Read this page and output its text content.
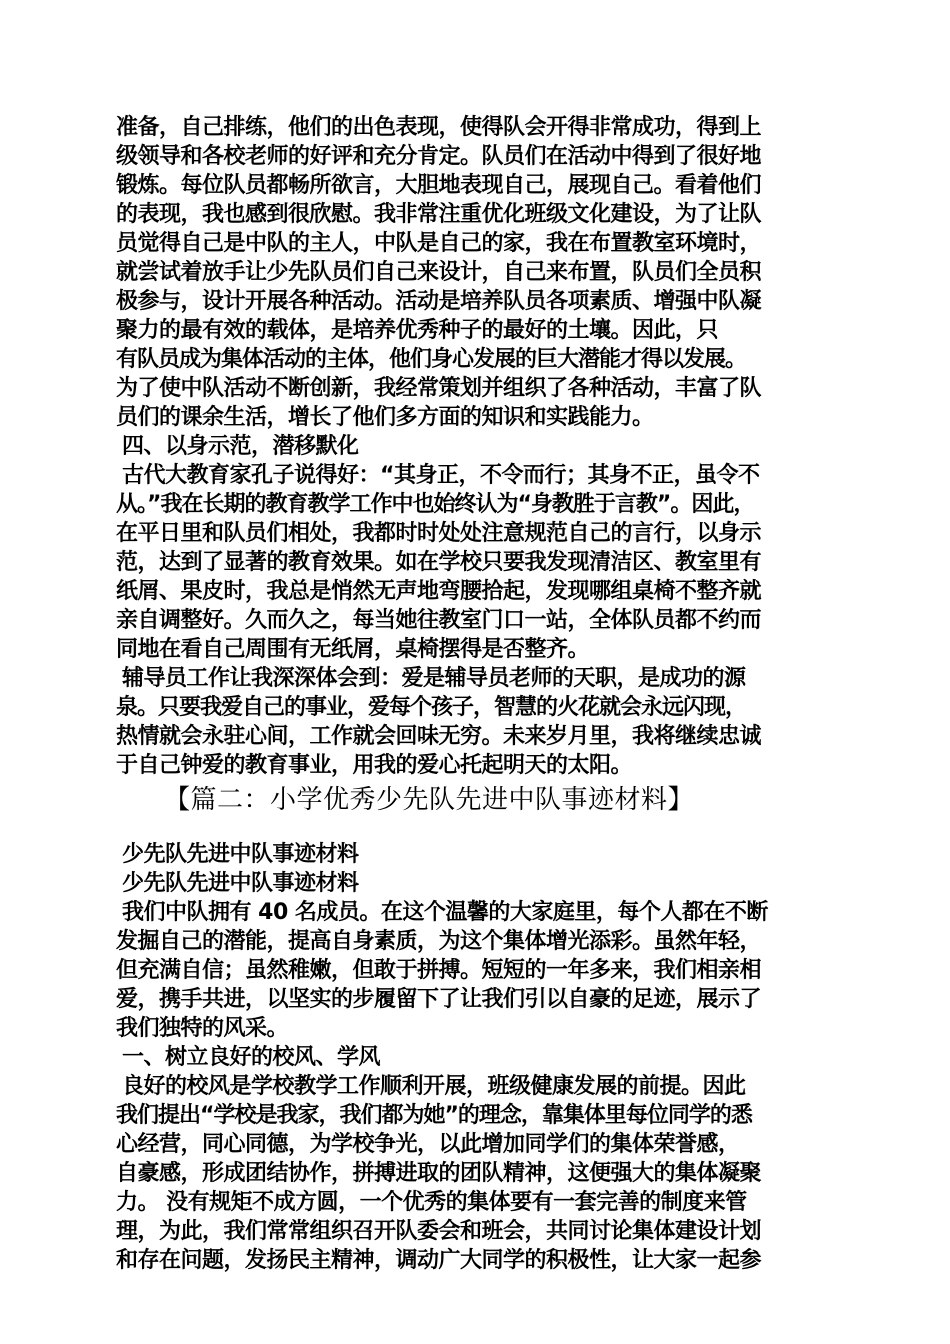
准备，自己排练，他们的出色表现，使得队会开得非常成功，得到上
级领导和各校老师的好评和充分肯定。队员们在活动中得到了很好地
锻炼。每位队员都畅所欲言，大胆地表现自己，展现自己。看着他们
的表现，我也感到很欣慰。我非常注重优化班级文化建设，为了让队
员觉得自己是中队的主人，中队是自己的家，我在布置教室环境时，
就尝试着放手让少先队员们自己来设计，自己来布置，队员们全员积
极参与，设计开展各种活动。活动是培养队员各项素质、增强中队凝
聚力的最有效的载体，是培养优秀种子的最好的土壤。因此，只
有队员成为集体活动的主体，他们身心发展的巨大潜能才得以发展。
为了使中队活动不断创新，我经常策划并组织了各种活动，丰富了队
员们的课余生活，增长了他们多方面的知识和实践能力。
四、以身示范，潜移默化
古代大教育家孔子说得好：“其身正，不令而行；其身不正，虽令不
从。”我在长期的教育教学工作中也始终认为“身教胜于言教”。因此，
在平日里和队员们相处，我都时时处处注意规范自己的言行，以身示
范，达到了显著的教育效果。如在学校只要我发现清洁区、教室里有
纸屑、果皮时，我总是悄然无声地弯腰拾起，发现哪组桌椅不整齐就
亲自调整好。久而久之，每当她往教室门口一站，全体队员都不约而
同地在看自己周围有无纸屑，桌椅摆得是否整齐。
辅导员工作让我深深体会到：爱是辅导员老师的天职，是成功的源
泉。只要我爱自己的事业，爱每个孩子，智慧的火花就会永远闪现，
热情就会永驻心间，工作就会回味无穷。未来岁月里，我将继续忠诚
于自己钟爱的教育事业，用我的爱心托起明天的太阳。
【篇二：小学优秀少先队先进中队事迹材料】
少先队先进中队事迹材料
少先队先进中队事迹材料
我们中队拥有 40 名成员。在这个温馨的大家庭里，每个人都在不断
发掘自己的潜能，提高自身素质，为这个集体增光添彩。虽然年轻，
但充满自信；虽然稚嫩，但敢于拼搏。短短的一年多来，我们相亲相
爱，携手共进，以坚实的步履留下了让我们引以自豪的足迹，展示了
我们独特的风采。
一、树立良好的校风、学风
良好的校风是学校教学工作顺利开展，班级健康发展的前提。因此
我们提出“学校是我家，我们都为她”的理念，靠集体里每位同学的悉
心经营，同心同德，为学校争光，以此增加同学们的集体荣誉感，
自豪感，形成团结协作，拼搏进取的团队精神，这便强大的集体凝聚
力。 没有规矩不成方圆，一个优秀的集体要有一套完善的制度来管
理，为此，我们常常组织召开队委会和班会，共同讨论集体建设计划
和存在问题，发扬民主精神，调动广大同学的积极性，让大家一起参
